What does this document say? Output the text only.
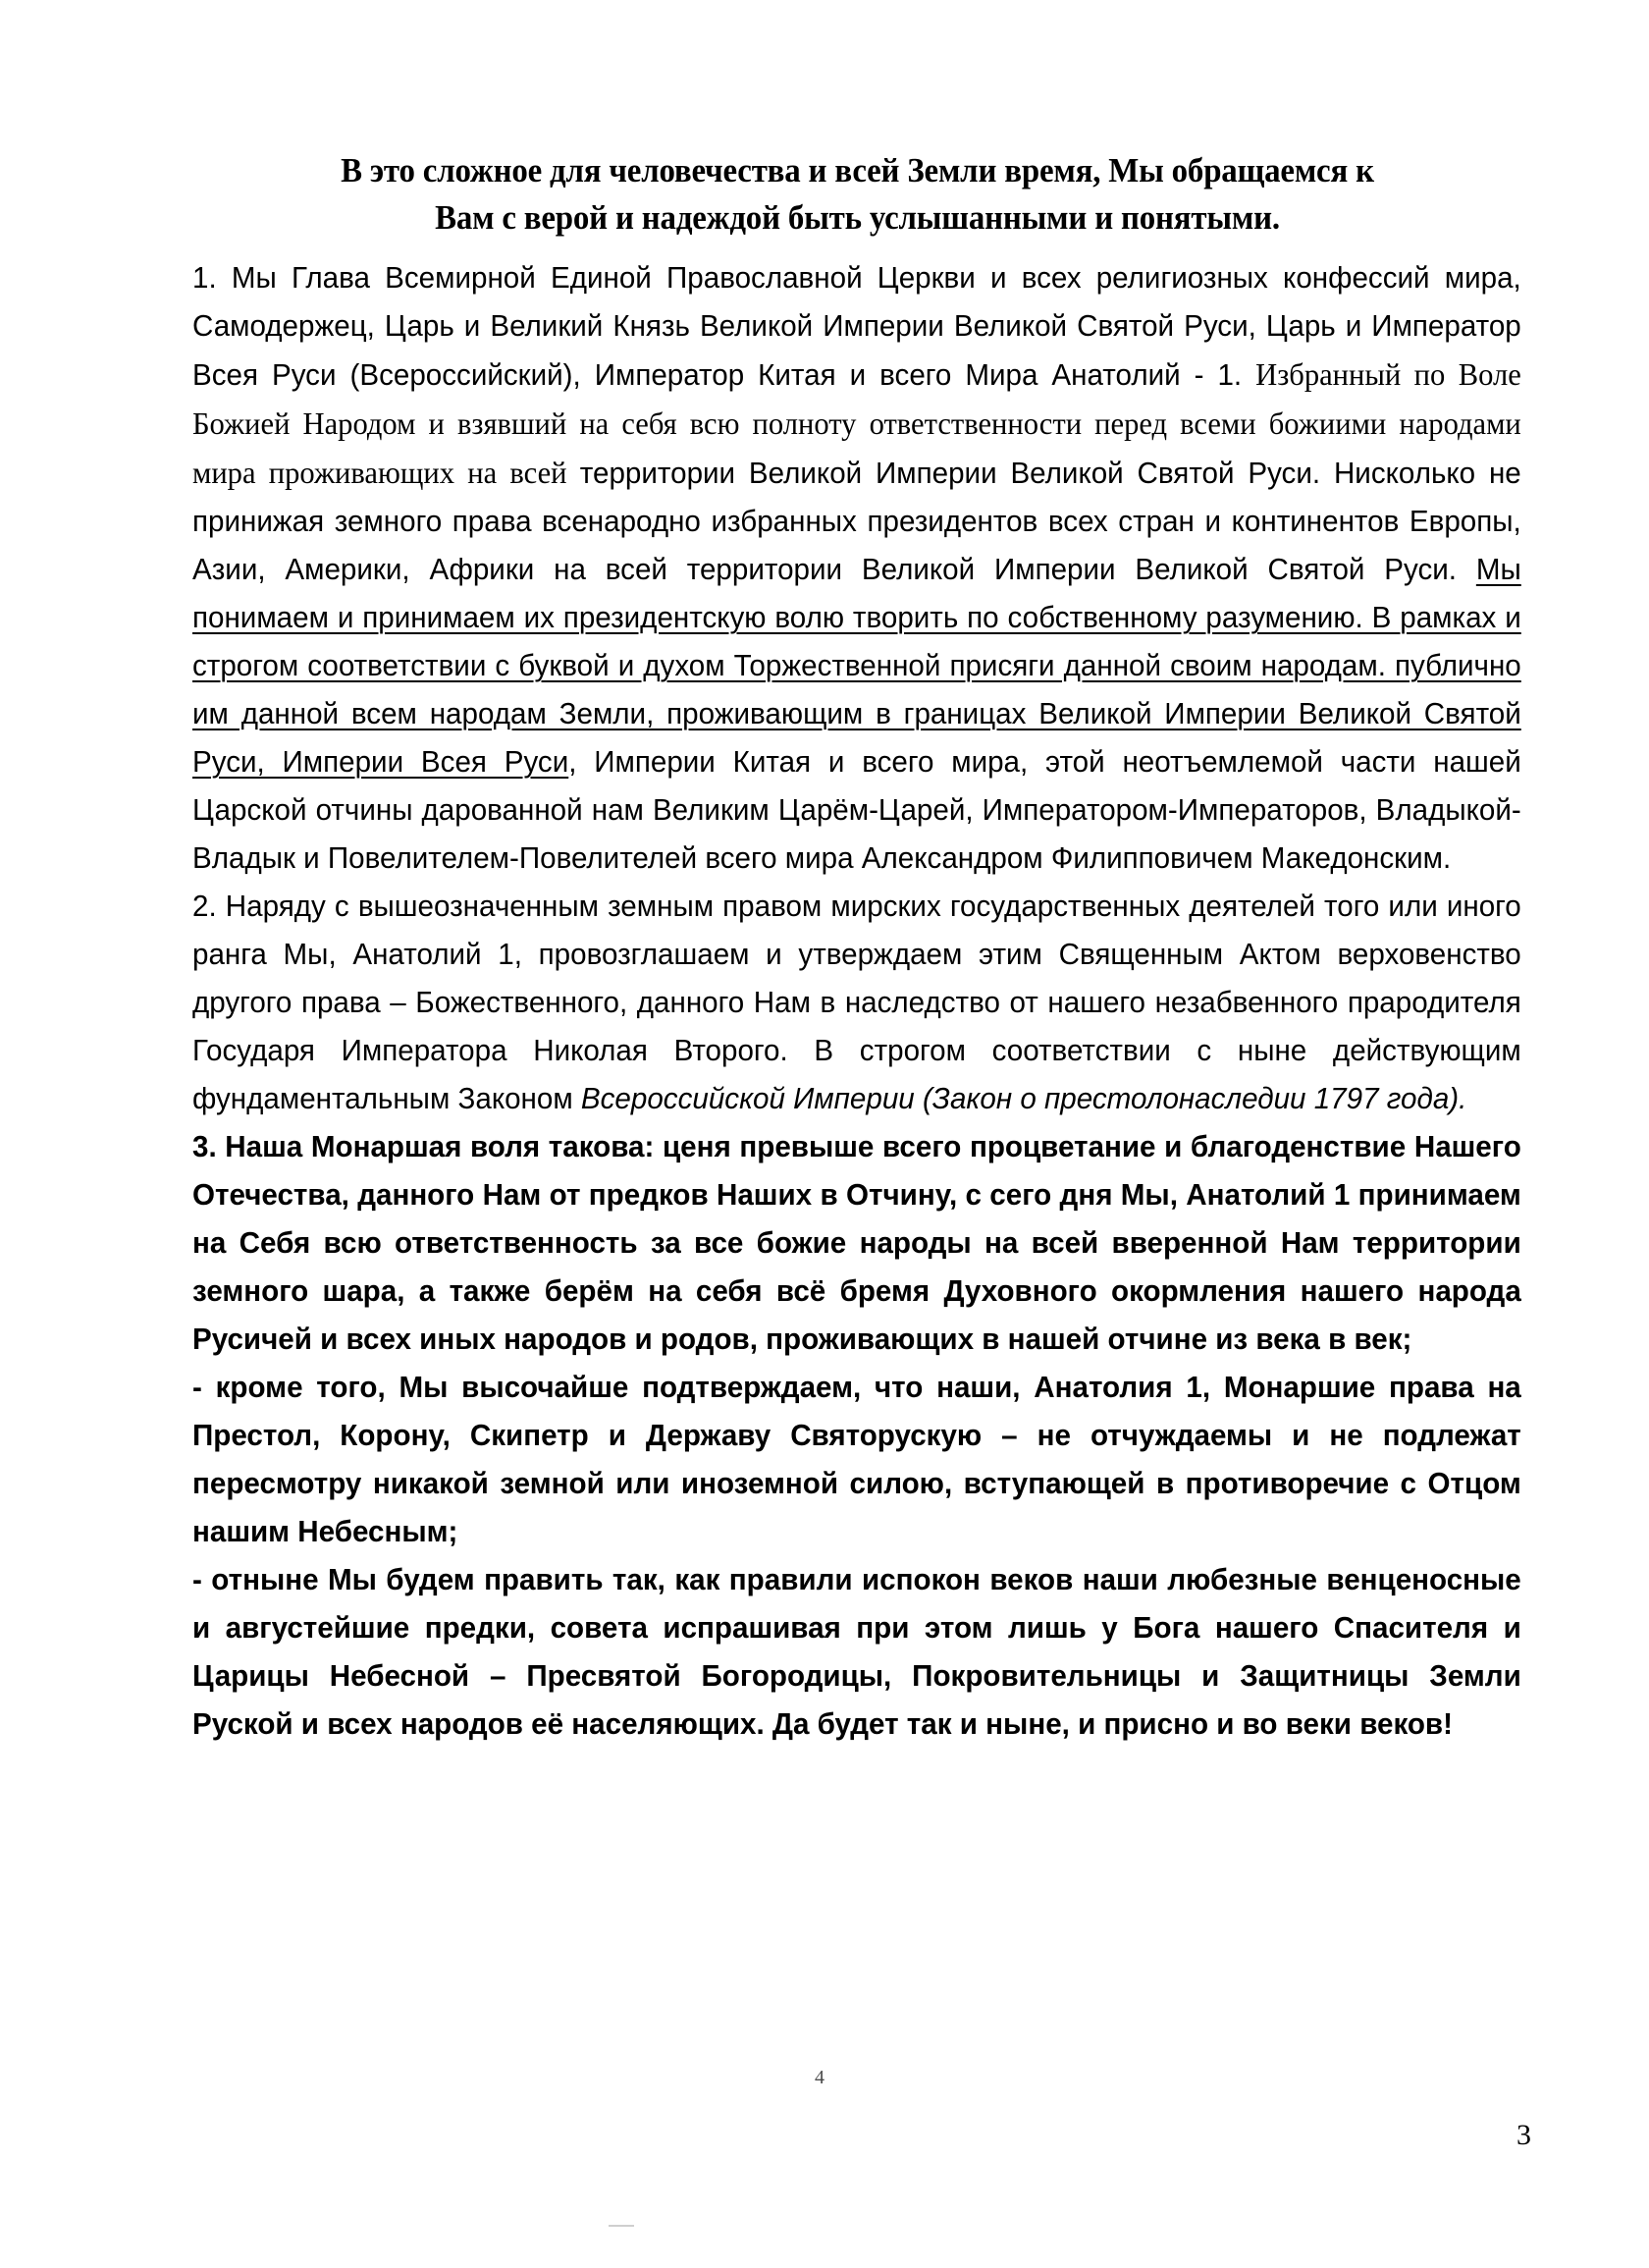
В это сложное для человечества и всей Земли время, Мы обращаемся к
Вам с верой и надеждой быть услышанными и понятыми.
1. Мы Глава Всемирной Единой Православной Церкви и всех религиозных конфессий мира, Самодержец, Царь и Великий Князь Великой Империи Великой Святой Руси, Царь и Император Всея Руси (Всероссийский), Император Китая и всего Мира Анатолий - 1. Избранный по Воле Божией Народом и взявший на себя всю полноту ответственности перед всеми божиими народами мира проживающих на всей территории Великой Империи Великой Святой Руси. Нисколько не принижая земного права всенародно избранных президентов всех стран и континентов Европы, Азии, Америки, Африки на всей территории Великой Империи Великой Святой Руси. Мы понимаем и принимаем их президентскую волю творить по собственному разумению. В рамках и строгом соответствии с буквой и духом Торжественной присяги данной своим народам. публично им данной всем народам Земли, проживающим в границах Великой Империи Великой Святой Руси, Империи Всея Руси, Империи Китая и всего мира, этой неотъемлемой части нашей Царской отчины дарованной нам Великим Царём-Царей, Императором-Императоров, Владыкой-Владык и Повелителем-Повелителей всего мира Александром Филипповичем Македонским.
2. Наряду с вышеозначенным земным правом мирских государственных деятелей того или иного ранга Мы, Анатолий 1, провозглашаем и утверждаем этим Священным Актом верховенство другого права – Божественного, данного Нам в наследство от нашего незабвенного прародителя Государя Императора Николая Второго. В строгом соответствии с ныне действующим фундаментальным Законом Всероссийской Империи (Закон о престолонаследии 1797 года).
3. Наша Монаршая воля такова: ценя превыше всего процветание и благоденствие Нашего Отечества, данного Нам от предков Наших в Отчину, с сего дня Мы, Анатолий 1 принимаем на Себя всю ответственность за все божие народы на всей вверенной Нам территории земного шара, а также берём на себя всё бремя Духовного окормления нашего народа Русичей и всех иных народов и родов, проживающих в нашей отчине из века в век;
- кроме того, Мы высочайше подтверждаем, что наши, Анатолия 1, Монаршие права на Престол, Корону, Скипетр и Державу Святорускую – не отчуждаемы и не подлежат пересмотру никакой земной или иноземной силою, вступающей в противоречие с Отцом нашим Небесным;
- отныне Мы будем править так, как правили испокон веков наши любезные венценосные и августейшие предки, совета испрашивая при этом лишь у Бога нашего Спасителя и Царицы Небесной – Пресвятой Богородицы, Покровительницы и Защитницы Земли Руской и всех народов её населяющих. Да будет так и ныне, и присно и во веки веков!
4
3
